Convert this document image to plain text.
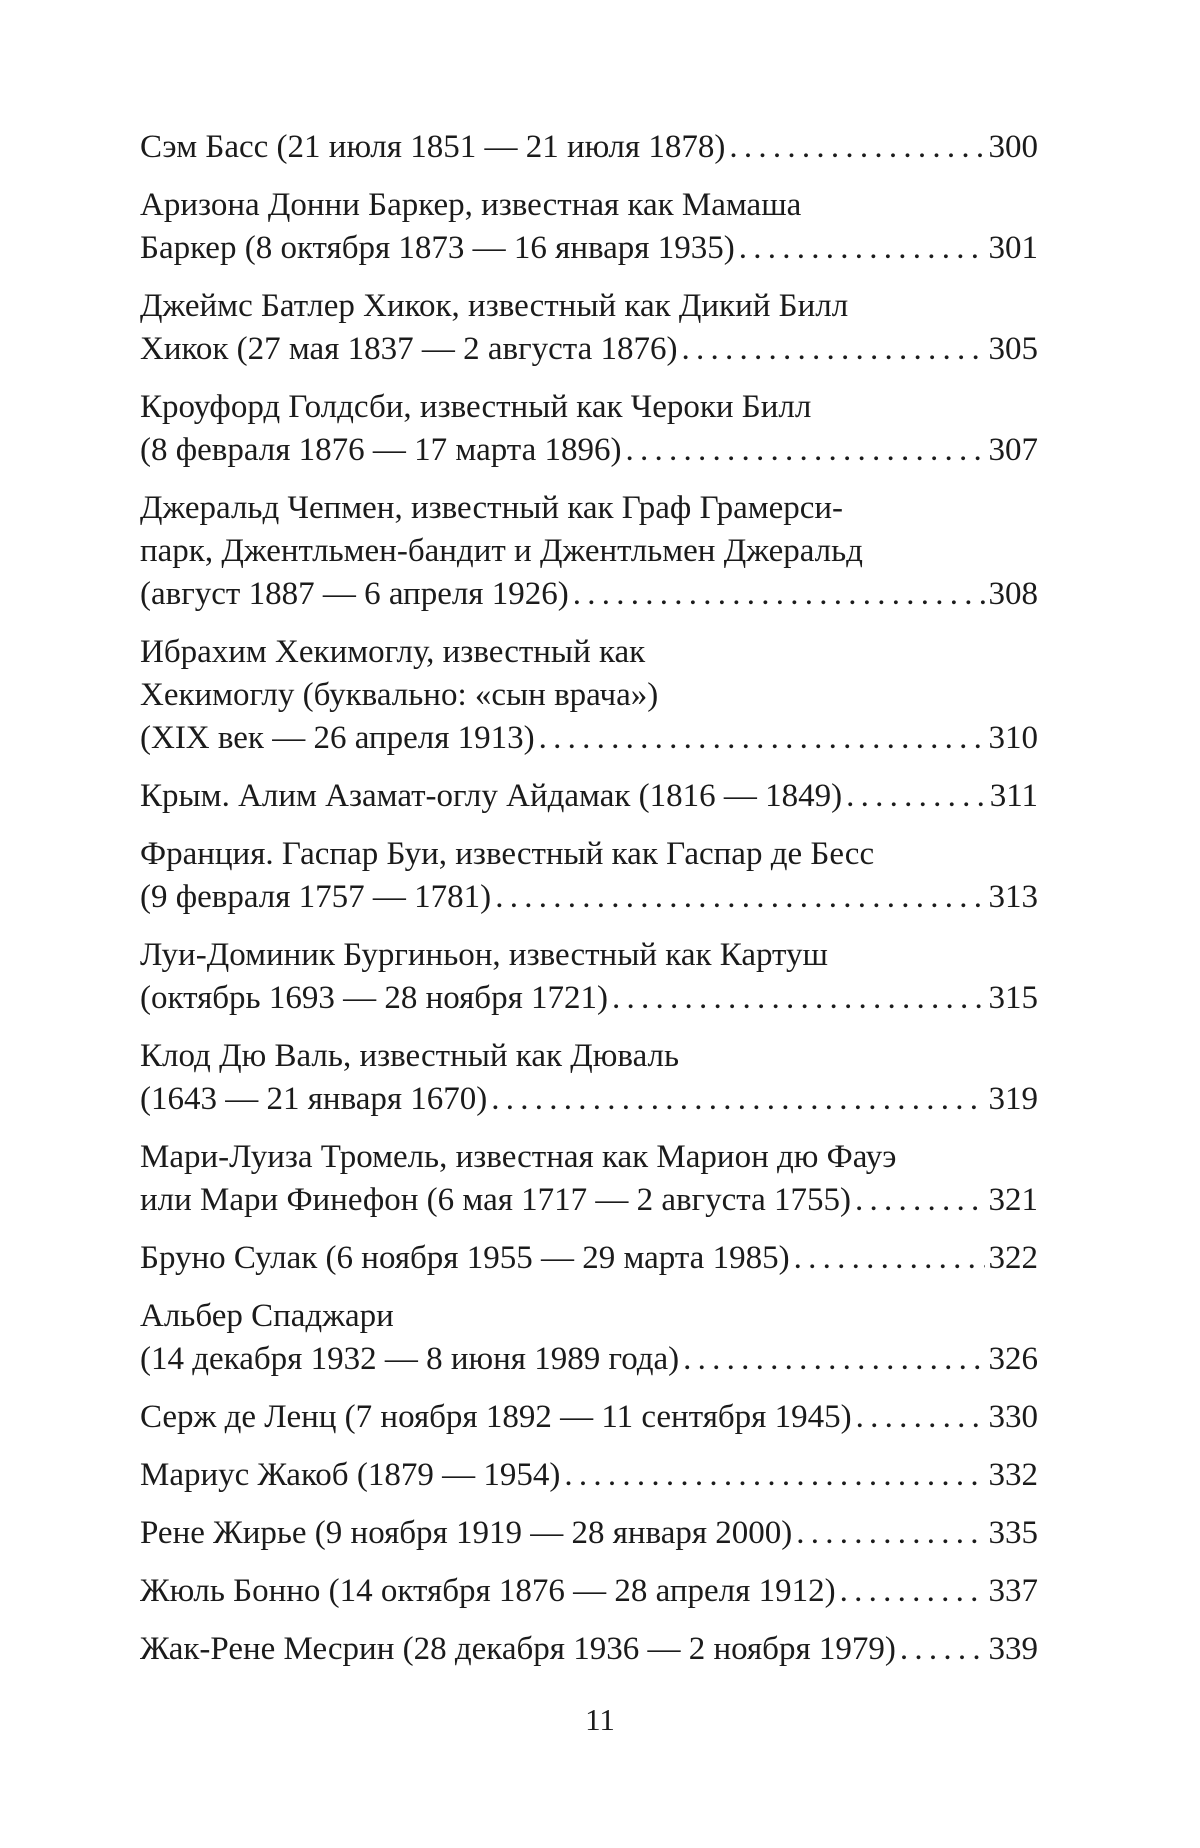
Сэм Басс (21 июля 1851 — 21 июля 1878) . . .	300
Аризона Донни Баркер, известная как Мамаша
Баркер (8 октября 1873 — 16 января 1935) . . .	301
Джеймс Батлер Хикок, известный как Дикий Билл
Хикок (27 мая 1837 — 2 августа 1876) . . .	305
Кроуфорд Голдсби, известный как Чероки Билл
(8 февраля 1876 — 17 марта 1896) . . .	307
Джеральд Чепмен, известный как Граф Грамерси-
парк, Джентльмен-бандит и Джентльмен Джеральд
(август 1887 — 6 апреля 1926) . . .	308
Ибрахим Хекимоглу, известный как
Хекимоглу (буквально: «сын врача»)
(XIX век — 26 апреля 1913) . . .	310
Крым. Алим Азамат-оглу Айдамак (1816 — 1849) . . .	311
Франция. Гаспар Буи, известный как Гаспар де Бесс
(9 февраля 1757 — 1781) . . .	313
Луи-Доминик Бургиньон, известный как Картуш
(октябрь 1693 — 28 ноября 1721) . . .	315
Клод Дю Валь, известный как Дюваль
(1643 — 21 января 1670) . . .	319
Мари-Луиза Тромель, известная как Марион дю Фауэ
или Мари Финефон (6 мая 1717 — 2 августа 1755) . . .	321
Бруно Сулак (6 ноября 1955 — 29 марта 1985) . . .	322
Альбер Спаджари
(14 декабря 1932 — 8 июня 1989 года) . . .	326
Серж де Ленц (7 ноября 1892 — 11 сентября 1945) . . .	330
Мариус Жакоб (1879 — 1954) . . .	332
Рене Жирье (9 ноября 1919 — 28 января 2000) . . .	335
Жюль Бонно (14 октября 1876 — 28 апреля 1912) . . .	337
Жак-Рене Месрин (28 декабря 1936 — 2 ноября 1979) . . .	339
11
